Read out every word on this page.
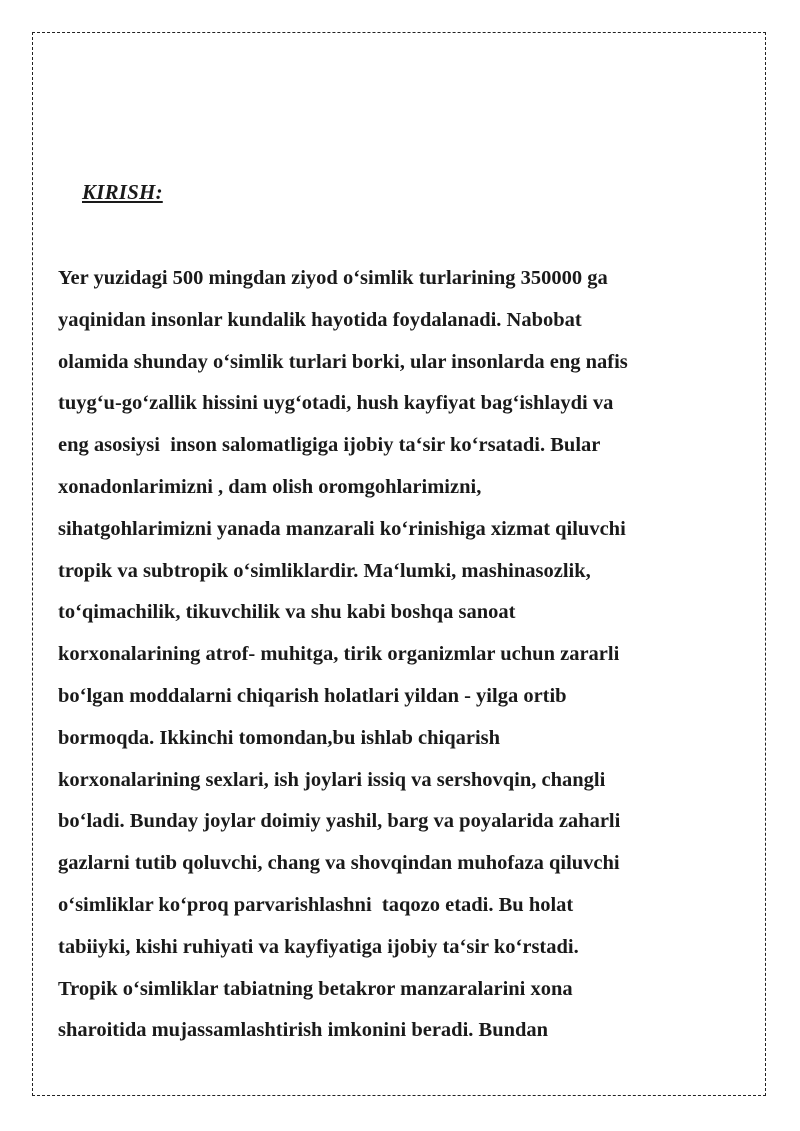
KIRISH:
Yer yuzidagi 500 mingdan ziyod o‘simlik turlarining 350000 ga
yaqinidan insonlar kundalik hayotida foydalanadi. Nabobat
olamida shunday o‘simlik turlari borki, ular insonlarda eng nafis
tuyg‘u-go‘zallik hissini uyg‘otadi, hush kayfiyat bag‘ishlaydi va
eng asosiysi  inson salomatligiga ijobiy ta‘sir ko‘rsatadi. Bular
xonadonlarimizni , dam olish oromgohlarimizni,
sihatgohlarimizni yanada manzarali ko‘rinishiga xizmat qiluvchi
tropik va subtropik o‘simliklardir. Ma‘lumki, mashinasozlik,
to‘qimachilik, tikuvchilik va shu kabi boshqa sanoat
korxonalarining atrof- muhitga, tirik organizmlar uchun zararli
bo‘lgan moddalarni chiqarish holatlari yildan - yilga ortib
bormoqda. Ikkinchi tomondan,bu ishlab chiqarish
korxonalarining sexlari, ish joylari issiq va sershovqin, changli
bo‘ladi. Bunday joylar doimiy yashil, barg va poyalarida zaharli
gazlarni tutib qoluvchi, chang va shovqindan muhofaza qiluvchi
o‘simliklar ko‘proq parvarishlashni  taqozo etadi. Bu holat
tabiiyki, kishi ruhiyati va kayfiyatiga ijobiy ta‘sir ko‘rstadi.
Tropik o‘simliklar tabiatning betakror manzaralarini xona
sharoitida mujassamlashtirish imkonini beradi. Bundan
